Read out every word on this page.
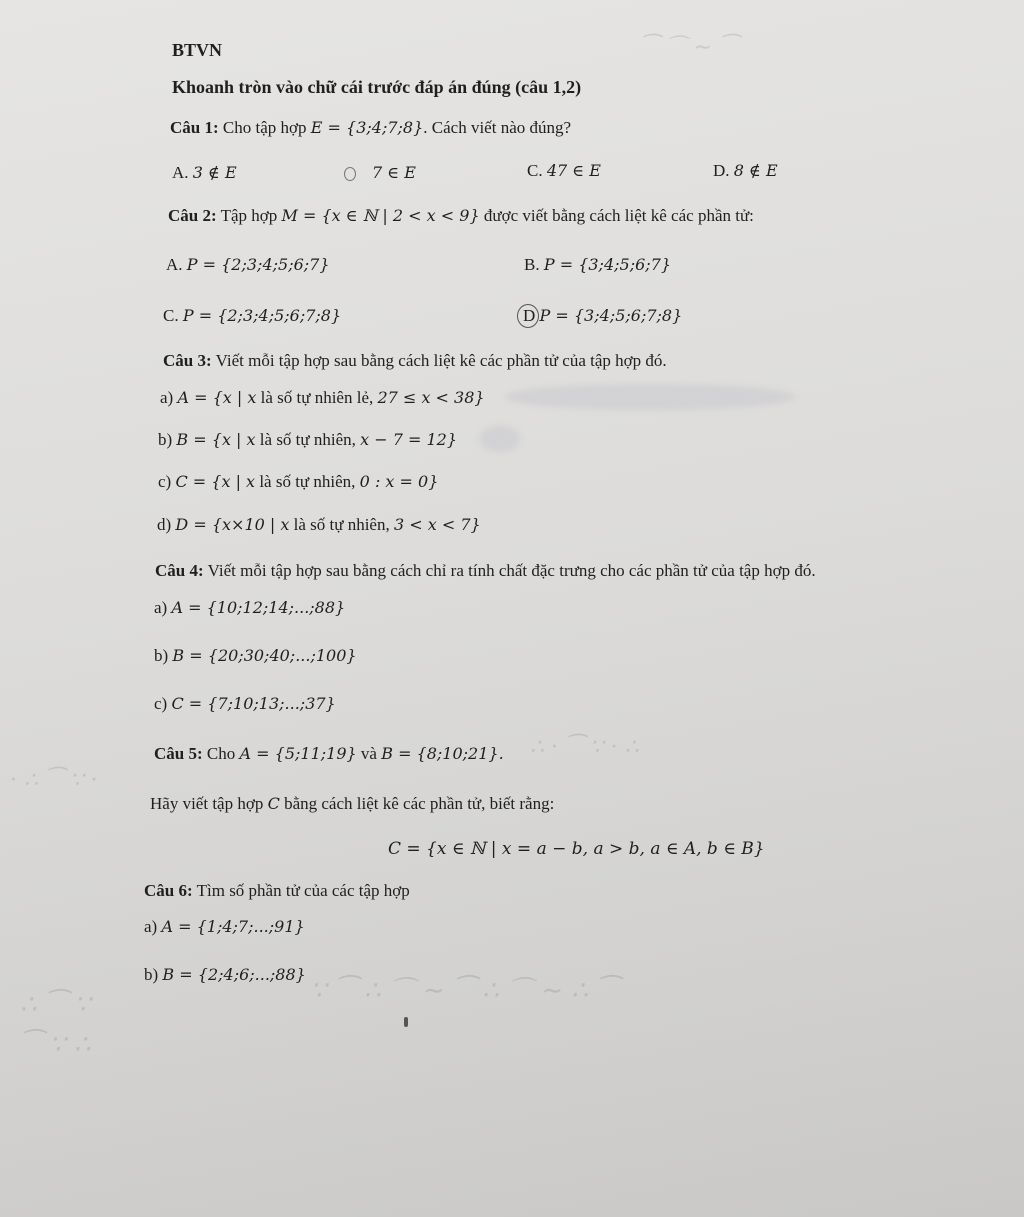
⁀ ⌒ ∼ ⁀
∴ · ⁀ ∵ · ∴
· ∴ ⁀ ∵ ·
∵ ⁀ ∴ ⌒ ∼ ⁀ ∴ ⌒ ∼ ∴ ⁀
∴ ⁀ ∵
⁀ ∵ ∴
BTVN
Khoanh tròn vào chữ cái trước đáp án đúng (câu 1,2)
Câu 1: Cho tập hợp E = {3;4;7;8}. Cách viết nào đúng?
A. 3 ∉ E	7 ∈ E	C. 47 ∈ E	D. 8 ∉ E
Câu 2: Tập hợp M = {x ∈ ℕ | 2 < x < 9} được viết bằng cách liệt kê các phần tử:
A. P = {2;3;4;5;6;7}	B. P = {3;4;5;6;7}
C. P = {2;3;4;5;6;7;8}	D P = {3;4;5;6;7;8}
Câu 3: Viết mỗi tập hợp sau bằng cách liệt kê các phần tử của tập hợp đó.
a) A = {x | x là số tự nhiên lẻ, 27 ≤ x < 38}
b) B = {x | x là số tự nhiên, x − 7 = 12}
c) C = {x | x là số tự nhiên, 0 : x = 0}
d) D = {x×10 | x là số tự nhiên, 3 < x < 7}
Câu 4: Viết mỗi tập hợp sau bằng cách chỉ ra tính chất đặc trưng cho các phần tử của tập hợp đó.
a) A = {10;12;14;...;88}
b) B = {20;30;40;...;100}
c) C = {7;10;13;...;37}
Câu 5: Cho A = {5;11;19} và B = {8;10;21}.
Hãy viết tập hợp C bằng cách liệt kê các phần tử, biết rằng:
C = {x ∈ ℕ | x = a − b, a > b, a ∈ A, b ∈ B}
Câu 6: Tìm số phần tử của các tập hợp
a) A = {1;4;7;...;91}
b) B = {2;4;6;...;88}
